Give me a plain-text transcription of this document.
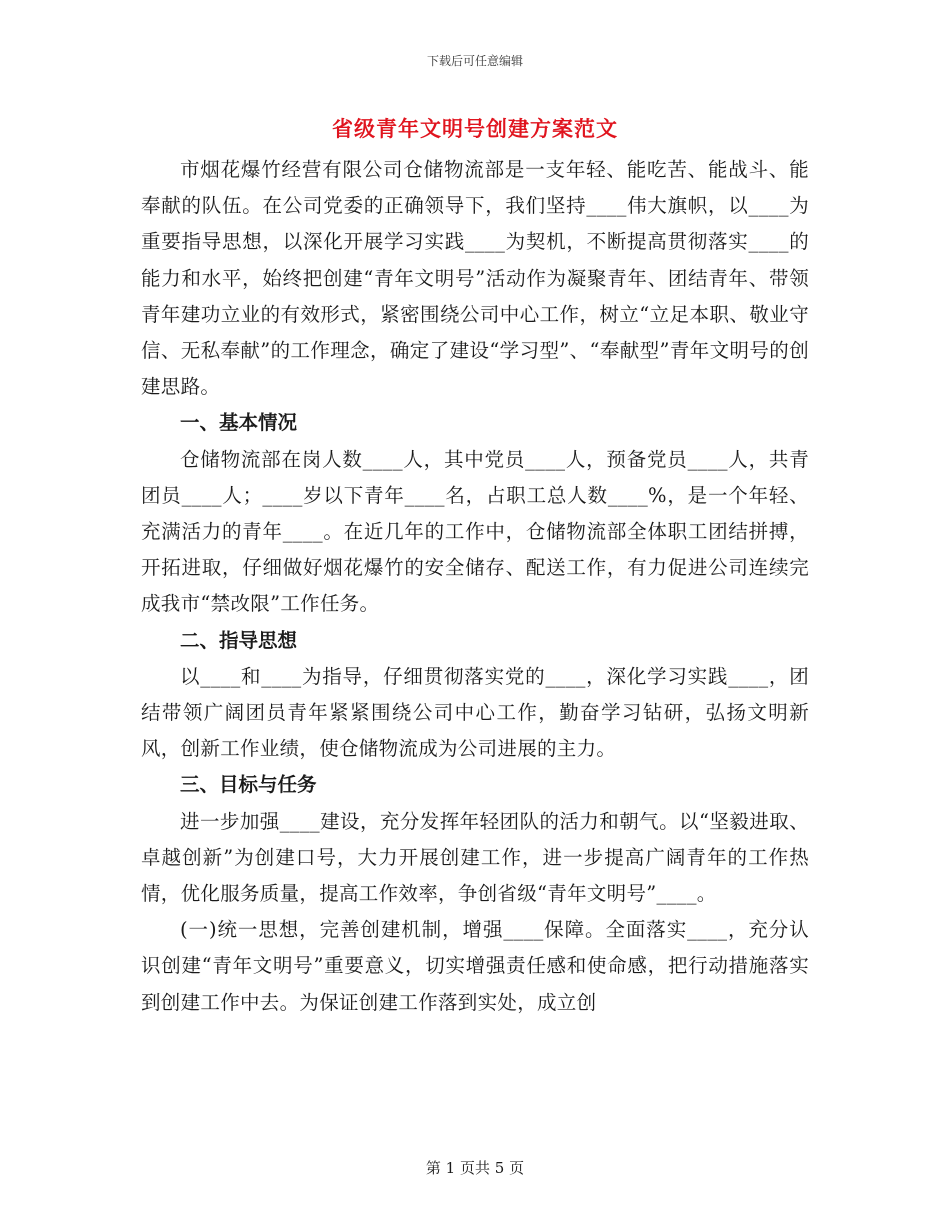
下载后可任意编辑
省级青年文明号创建方案范文

市烟花爆竹经营有限公司仓储物流部是一支年轻、能吃苦、能战斗、能奉献的队伍。在公司党委的正确领导下，我们坚持____伟大旗帜，以____为重要指导思想，以深化开展学习实践____为契机，不断提高贯彻落实____的能力和水平，始终把创建“青年文明号”活动作为凝聚青年、团结青年、带领青年建功立业的有效形式，紧密围绕公司中心工作，树立“立足本职、敬业守信、无私奉献”的工作理念，确定了建设“学习型”、“奉献型”青年文明号的创建思路。

一、基本情况

仓储物流部在岗人数____人，其中党员____人，预备党员____人，共青团员____人；____岁以下青年____名，占职工总人数____%，是一个年轻、充满活力的青年____。在近几年的工作中，仓储物流部全体职工团结拼搏，开拓进取，仔细做好烟花爆竹的安全储存、配送工作，有力促进公司连续完成我市“禁改限”工作任务。

二、指导思想

以____和____为指导，仔细贯彻落实党的____，深化学习实践____，团结带领广阔团员青年紧紧围绕公司中心工作，勤奋学习钻研，弘扬文明新风，创新工作业绩，使仓储物流成为公司进展的主力。

三、目标与任务

进一步加强____建设，充分发挥年轻团队的活力和朝气。以“坚毅进取、卓越创新”为创建口号，大力开展创建工作，进一步提高广阔青年的工作热情，优化服务质量，提高工作效率，争创省级“青年文明号”____。

(一)统一思想，完善创建机制，增强____保障。全面落实____，充分认识创建“青年文明号”重要意义，切实增强责任感和使命感，把行动措施落实到创建工作中去。为保证创建工作落到实处，成立创

第 1 页共 5 页
